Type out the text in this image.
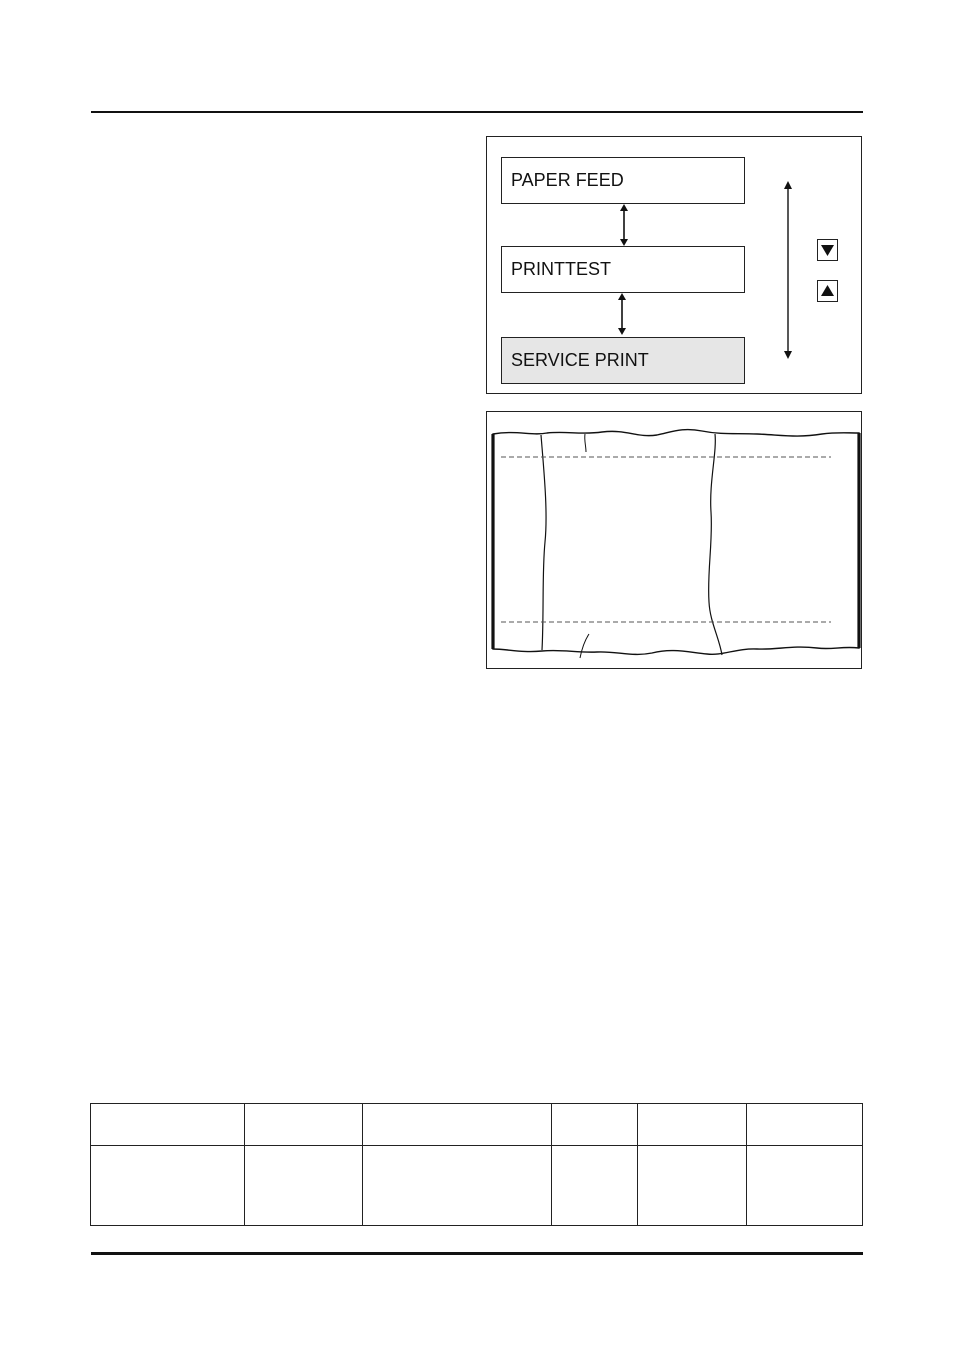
PAPER FEED
PRINTTEST
SERVICE PRINT
